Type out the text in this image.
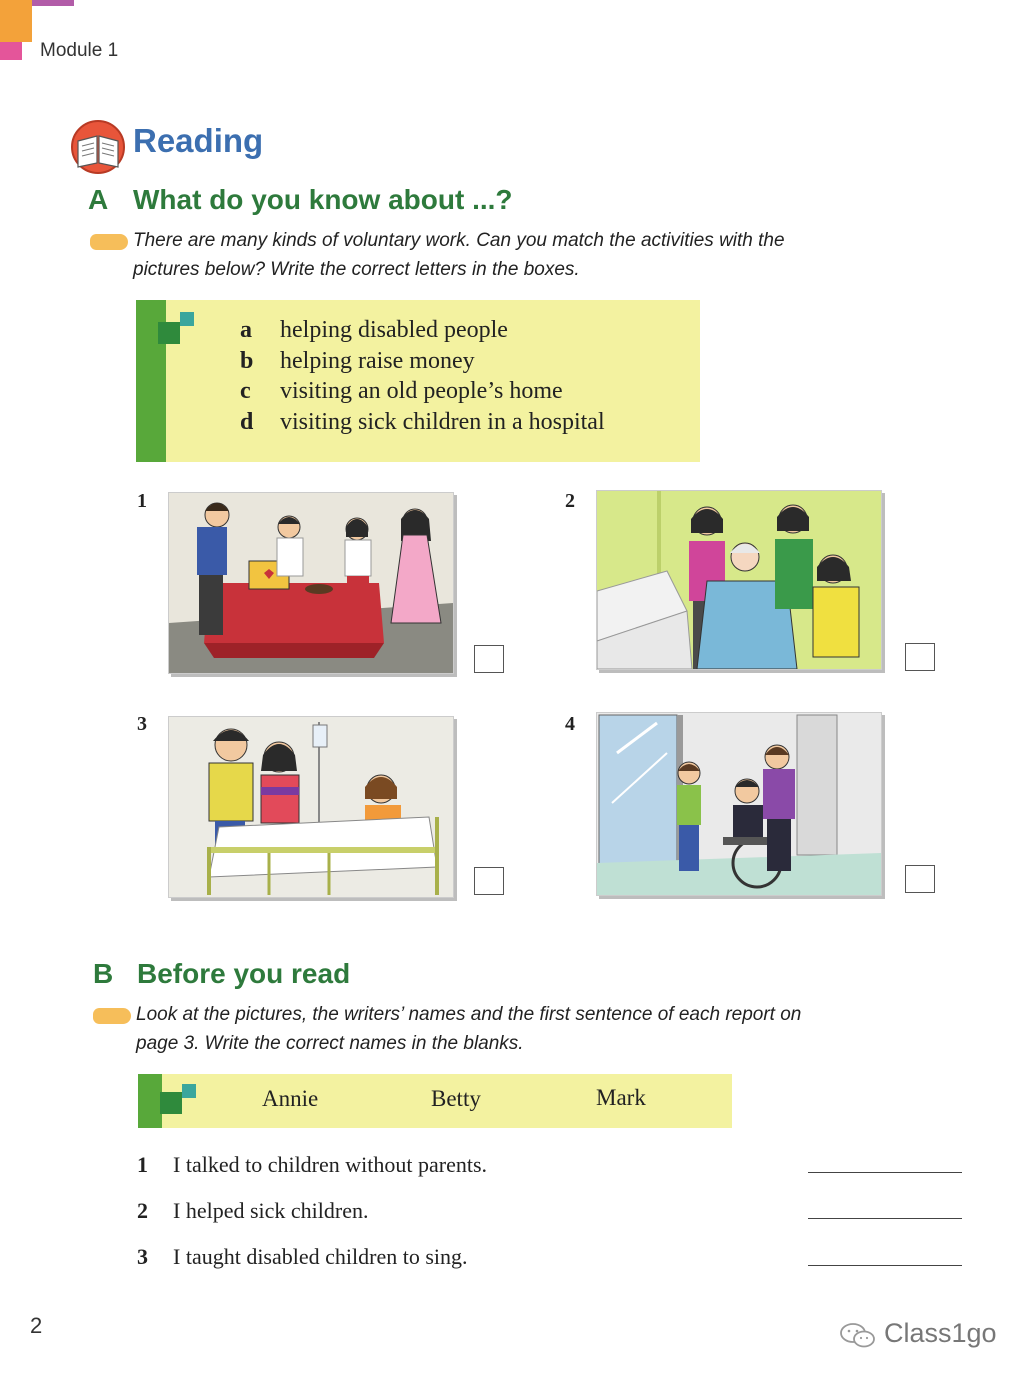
Module 1
Reading
A What do you know about ...?
There are many kinds of voluntary work. Can you match the activities with the
pictures below? Write the correct letters in the boxes.
a helping disabled people
b helping raise money
c visiting an old people’s home
d visiting sick children in a hospital
1	2
3	4
B Before you read
Look at the pictures, the writers’ names and the first sentence of each report on
page 3. Write the correct names in the blanks.
Annie	Betty	Mark
1 I talked to children without parents.
2 I helped sick children.
3 I taught disabled children to sing.
2	Class1go
